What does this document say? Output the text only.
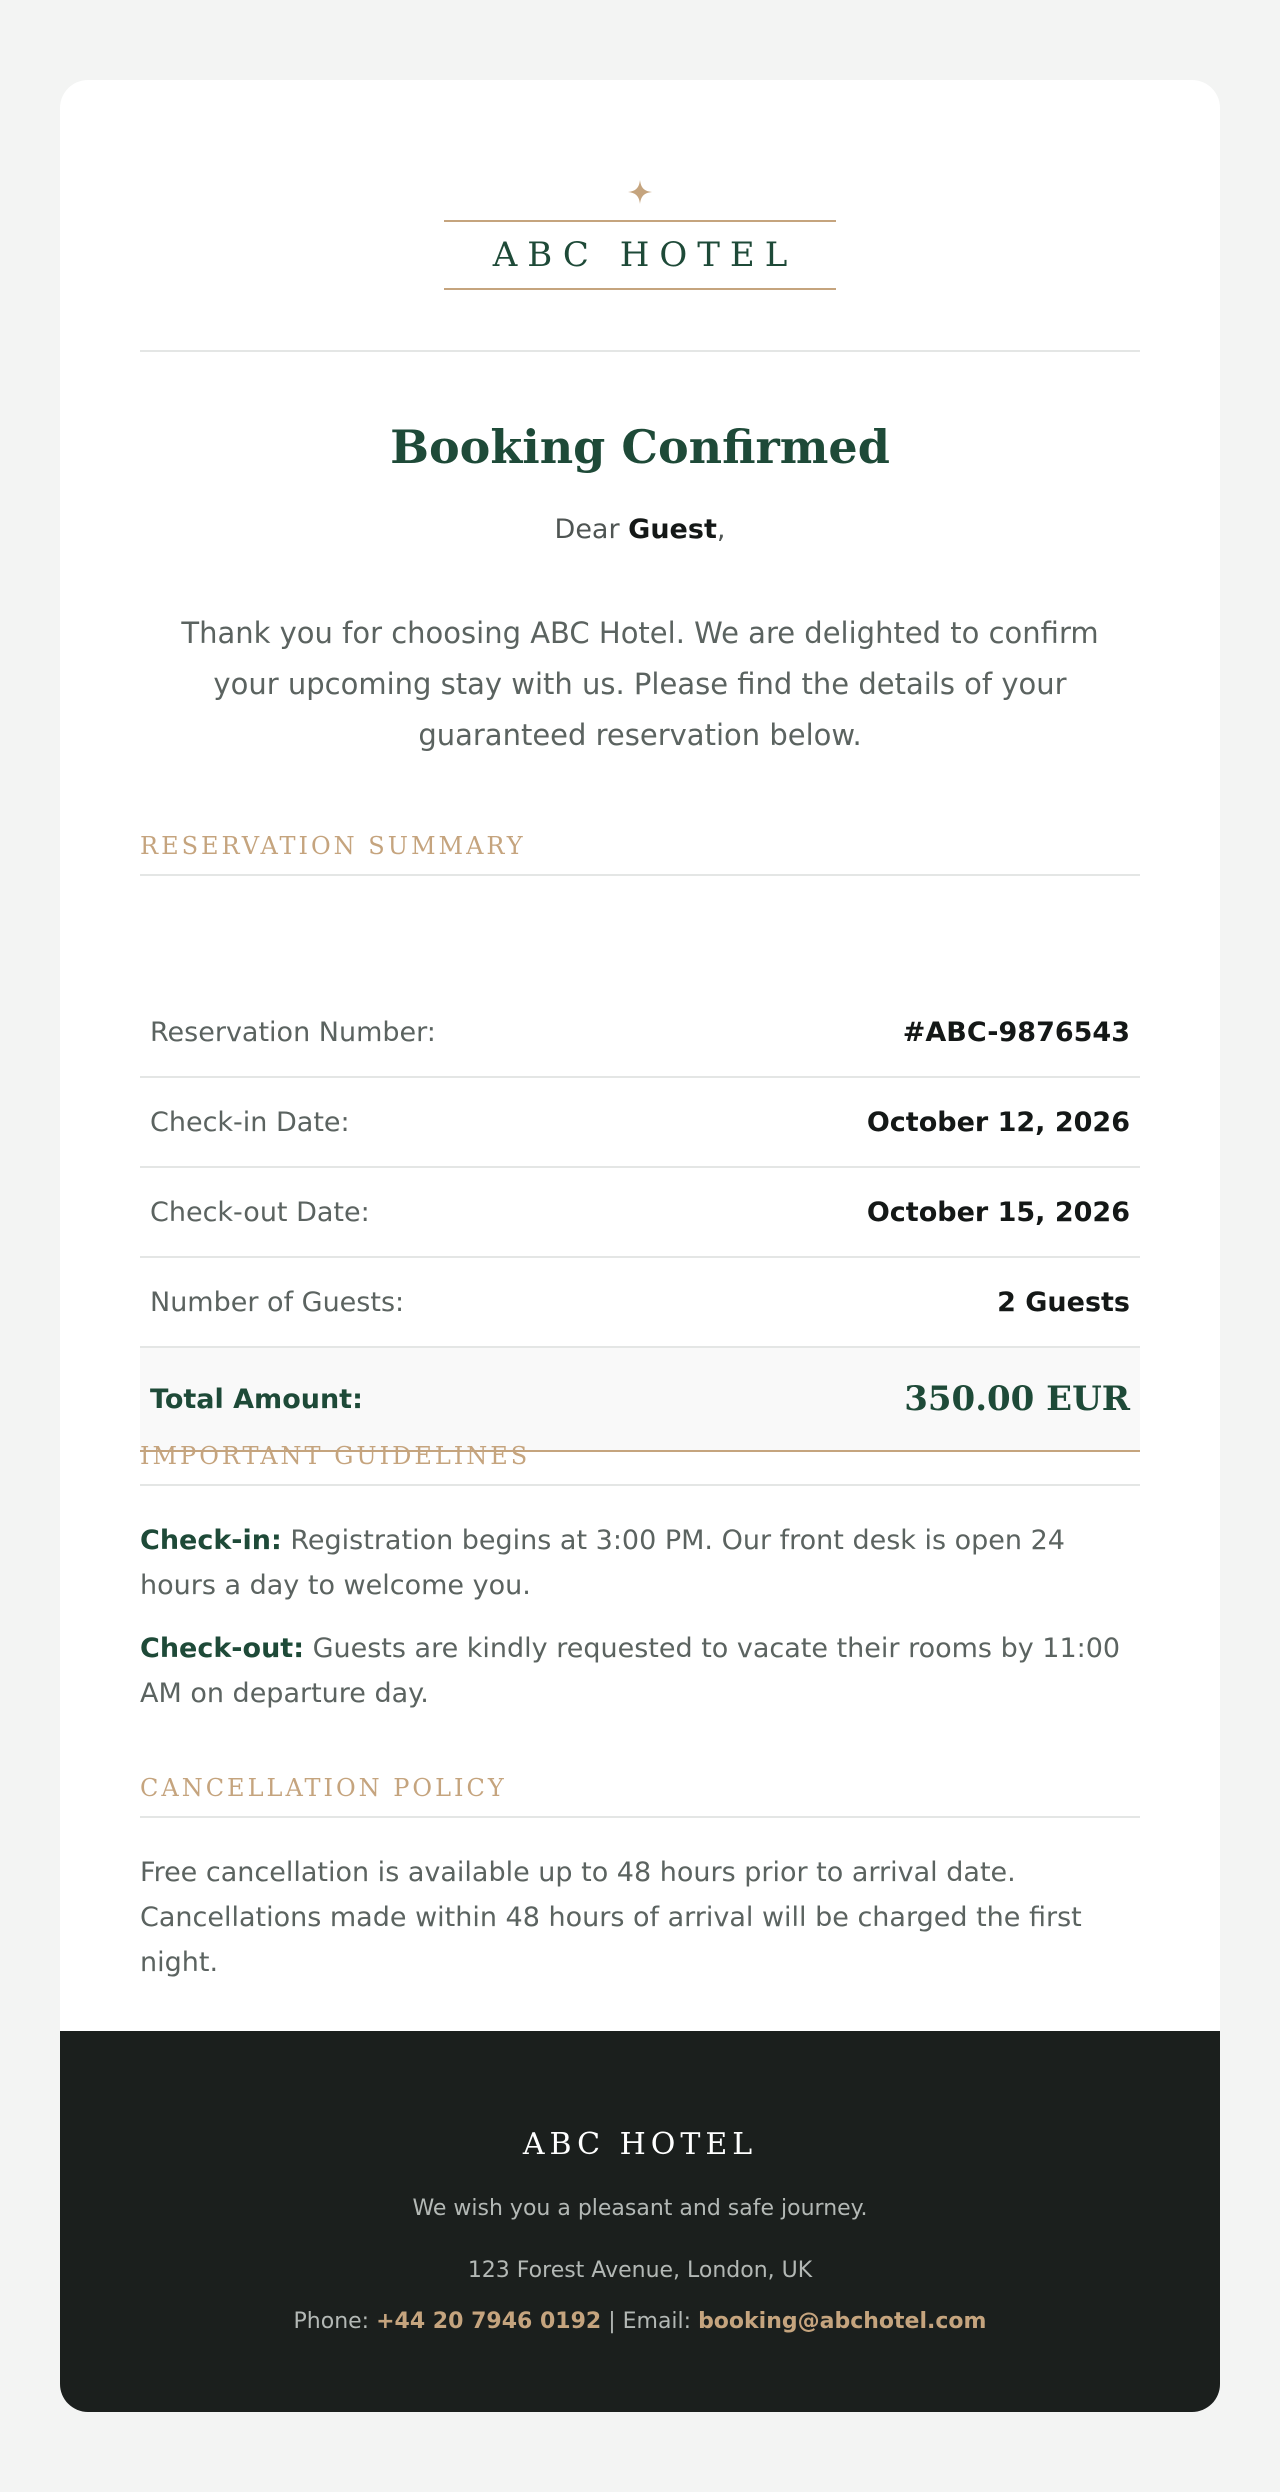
ABC HOTEL
Booking Confirmed

Dear Guest,

Thank you for choosing ABC Hotel. We are delighted to confirm your upcoming stay with us. Please find the details of your guaranteed reservation below.

RESERVATION SUMMARY
Reservation Number:	#ABC-9876543
Check-in Date:	October 12, 2026
Check-out Date:	October 15, 2026
Number of Guests:	2 Guests
Total Amount:	350.00 EUR
IMPORTANT GUIDELINES

Check-in: Registration begins at 3:00 PM. Our front desk is open 24 hours a day to welcome you.

Check-out: Guests are kindly requested to vacate their rooms by 11:00 AM on departure day.

CANCELLATION POLICY

Free cancellation is available up to 48 hours prior to arrival date. Cancellations made within 48 hours of arrival will be charged the first night.

ABC HOTEL
We wish you a pleasant and safe journey.
123 Forest Avenue, London, UK
Phone: +44 20 7946 0192 | Email: booking@abchotel.com
